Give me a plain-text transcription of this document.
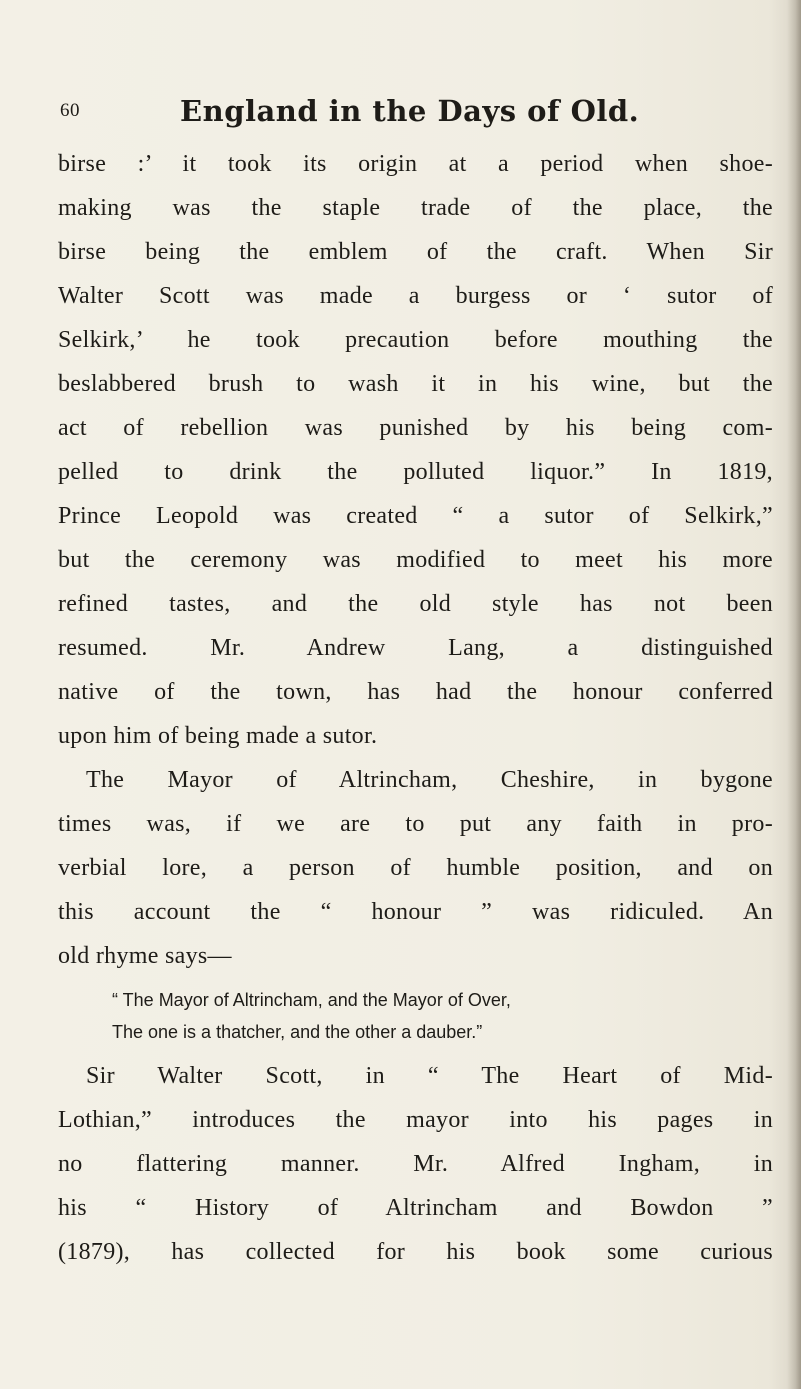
60	England in the Days of Old.
birse :’ it took its origin at a period when shoe-
making was the staple trade of the place, the
birse being the emblem of the craft. When Sir
Walter Scott was made a burgess or ‘ sutor of
Selkirk,’ he took precaution before mouthing the
beslabbered brush to wash it in his wine, but the
act of rebellion was punished by his being com-
pelled to drink the polluted liquor.” In 1819,
Prince Leopold was created “ a sutor of Selkirk,”
but the ceremony was modified to meet his more
refined tastes, and the old style has not been
resumed. Mr. Andrew Lang, a distinguished
native of the town, has had the honour conferred
upon him of being made a sutor.
The Mayor of Altrincham, Cheshire, in bygone
times was, if we are to put any faith in pro-
verbial lore, a person of humble position, and on
this account the “ honour ” was ridiculed. An
old rhyme says—
“ The Mayor of Altrincham, and the Mayor of Over,
The one is a thatcher, and the other a dauber.”
Sir Walter Scott, in “ The Heart of Mid-
Lothian,” introduces the mayor into his pages in
no flattering manner. Mr. Alfred Ingham, in
his “ History of Altrincham and Bowdon ”
(1879), has collected for his book some curious
